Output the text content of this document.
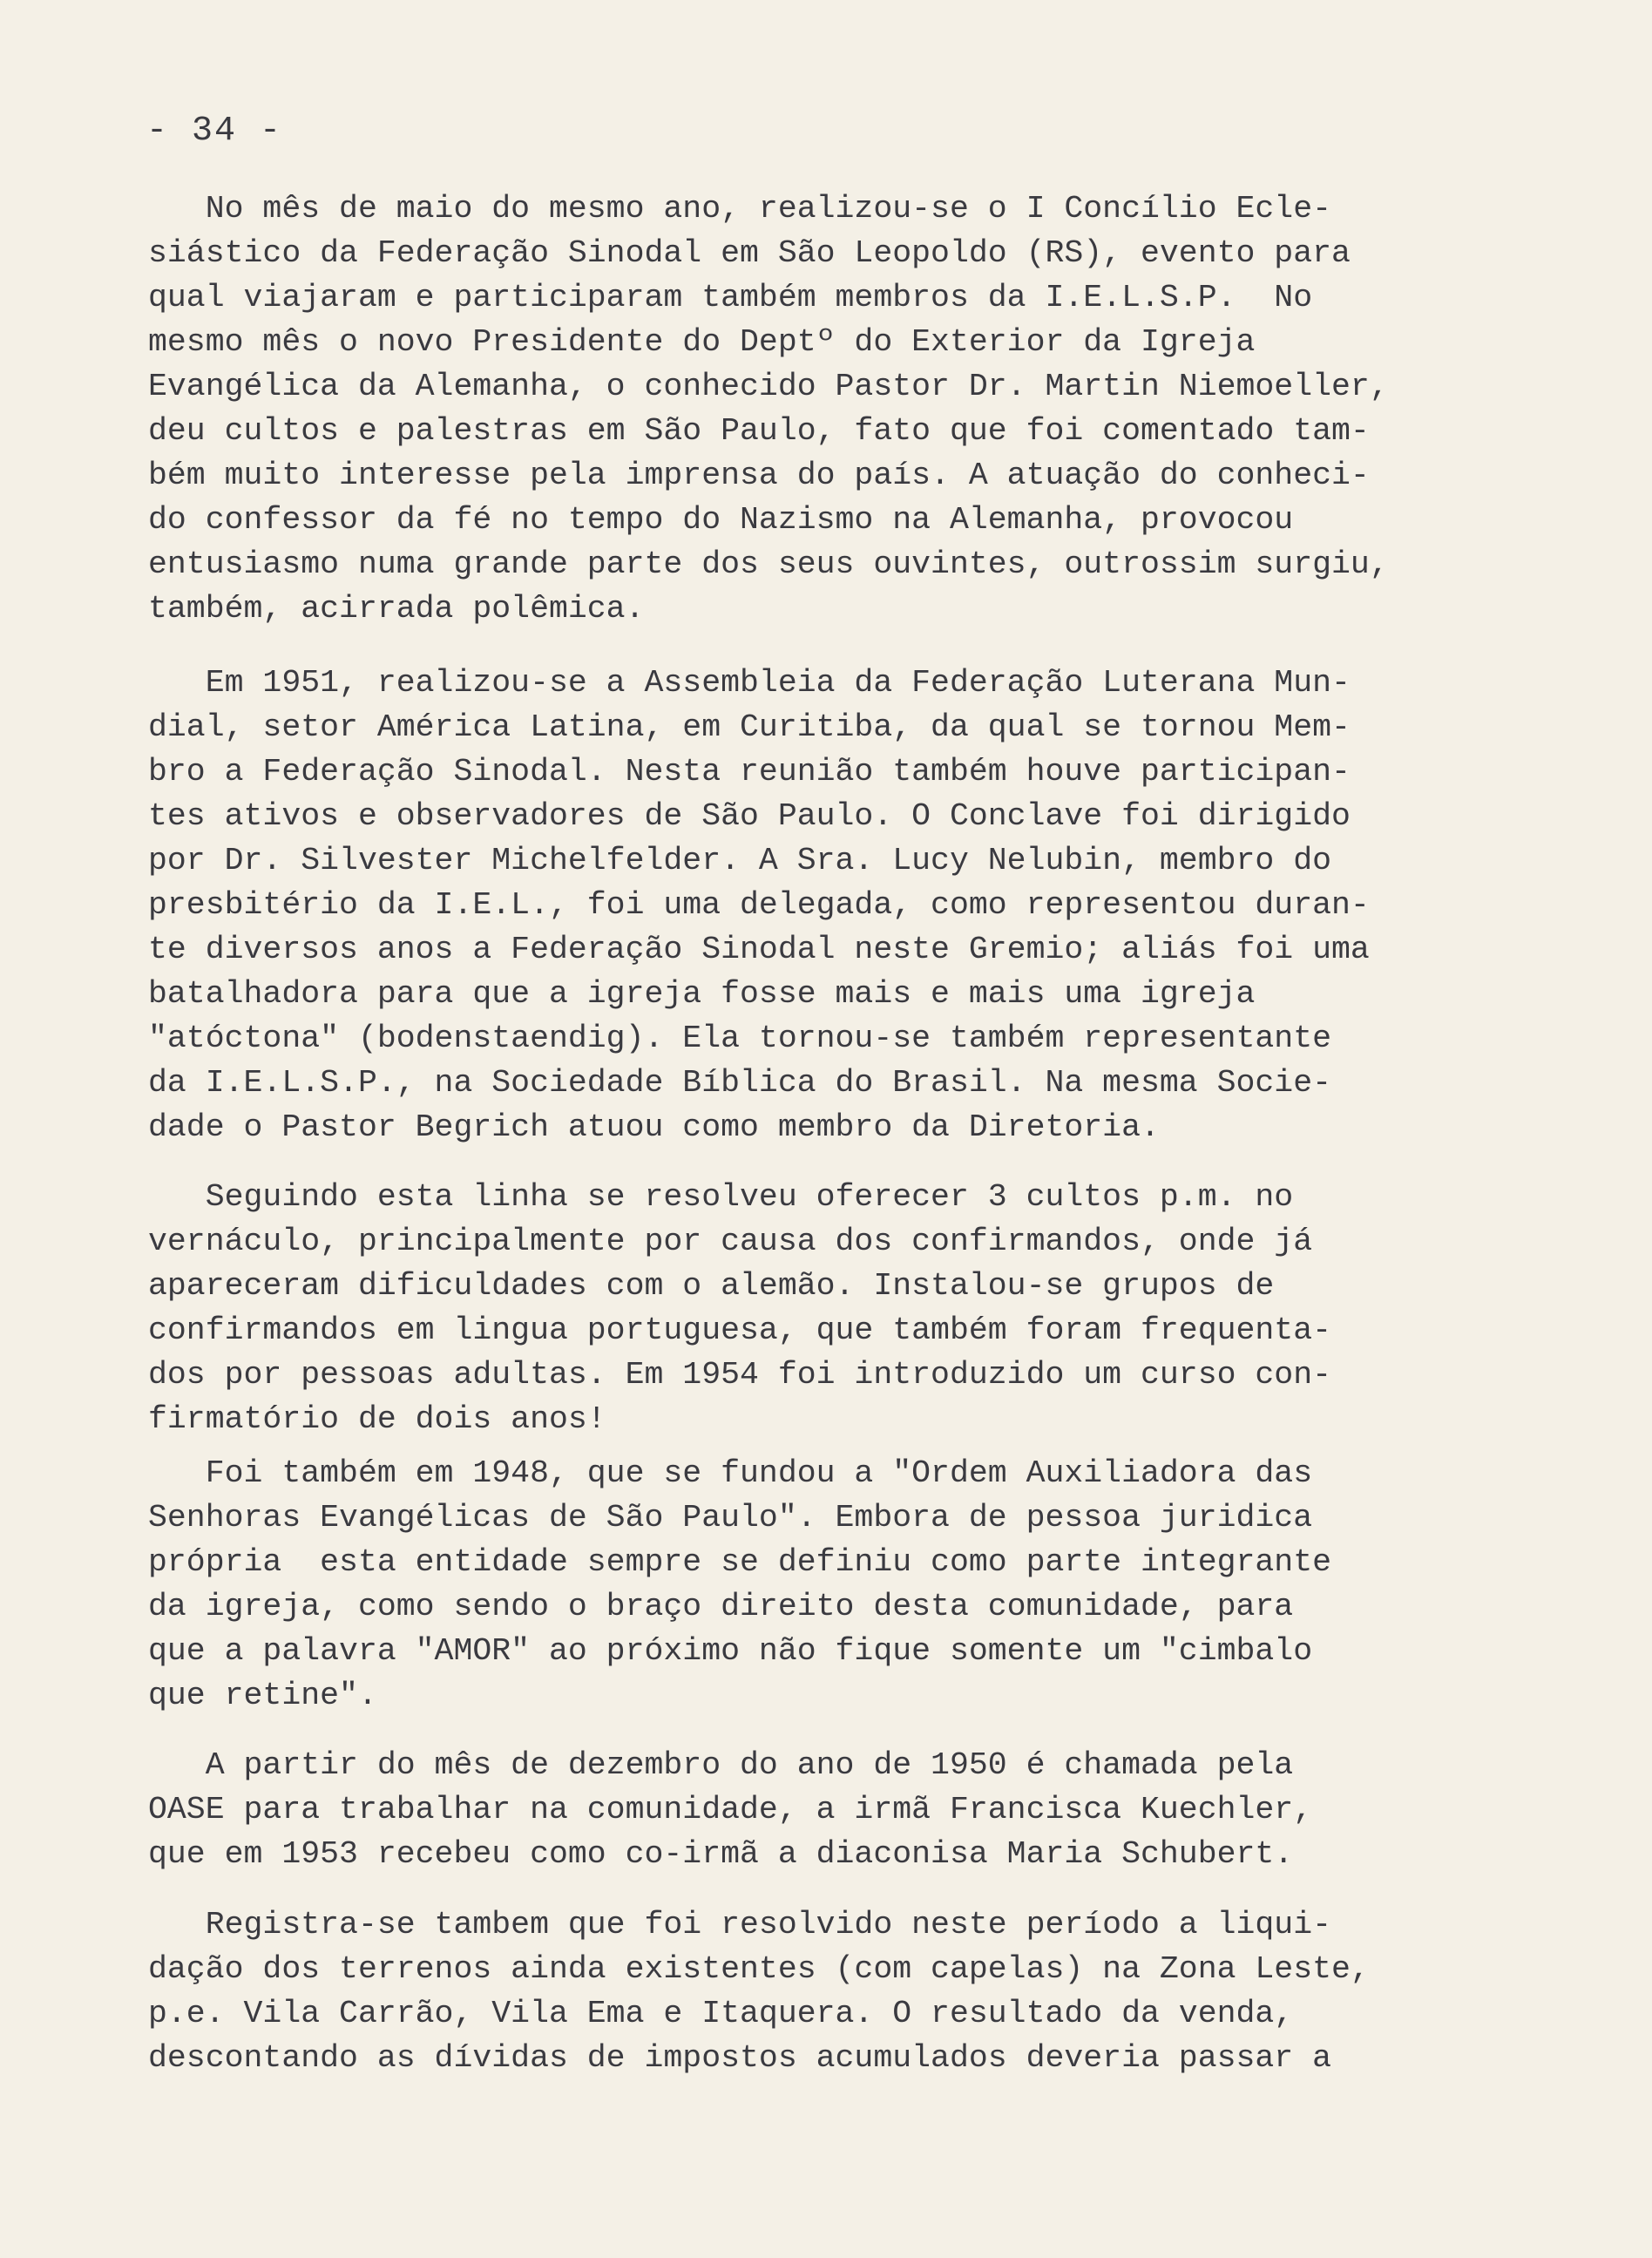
- 34 -
No mês de maio do mesmo ano, realizou-se o I Concílio Ecle-
siástico da Federação Sinodal em São Leopoldo (RS), evento para
qual viajaram e participaram também membros da I.E.L.S.P.  No
mesmo mês o novo Presidente do Deptº do Exterior da Igreja
Evangélica da Alemanha, o conhecido Pastor Dr. Martin Niemoeller,
deu cultos e palestras em São Paulo, fato que foi comentado tam-
bém muito interesse pela imprensa do país. A atuação do conheci-
do confessor da fé no tempo do Nazismo na Alemanha, provocou
entusiasmo numa grande parte dos seus ouvintes, outrossim surgiu,
também, acirrada polêmica.
Em 1951, realizou-se a Assembleia da Federação Luterana Mun-
dial, setor América Latina, em Curitiba, da qual se tornou Mem-
bro a Federação Sinodal. Nesta reunião também houve participan-
tes ativos e observadores de São Paulo. O Conclave foi dirigido
por Dr. Silvester Michelfelder. A Sra. Lucy Nelubin, membro do
presbitério da I.E.L., foi uma delegada, como representou duran-
te diversos anos a Federação Sinodal neste Gremio; aliás foi uma
batalhadora para que a igreja fosse mais e mais uma igreja
"atóctona" (bodenstaendig). Ela tornou-se também representante
da I.E.L.S.P., na Sociedade Bíblica do Brasil. Na mesma Socie-
dade o Pastor Begrich atuou como membro da Diretoria.
Seguindo esta linha se resolveu oferecer 3 cultos p.m. no
vernáculo, principalmente por causa dos confirmandos, onde já
apareceram dificuldades com o alemão. Instalou-se grupos de
confirmandos em lingua portuguesa, que também foram frequenta-
dos por pessoas adultas. Em 1954 foi introduzido um curso con-
firmatório de dois anos!
Foi também em 1948, que se fundou a "Ordem Auxiliadora das
Senhoras Evangélicas de São Paulo". Embora de pessoa juridica
própria  esta entidade sempre se definiu como parte integrante
da igreja, como sendo o braço direito desta comunidade, para
que a palavra "AMOR" ao próximo não fique somente um "cimbalo
que retine".
A partir do mês de dezembro do ano de 1950 é chamada pela
OASE para trabalhar na comunidade, a irmã Francisca Kuechler,
que em 1953 recebeu como co-irmã a diaconisa Maria Schubert.
Registra-se tambem que foi resolvido neste período a liqui-
dação dos terrenos ainda existentes (com capelas) na Zona Leste,
p.e. Vila Carrão, Vila Ema e Itaquera. O resultado da venda,
descontando as dívidas de impostos acumulados deveria passar a
